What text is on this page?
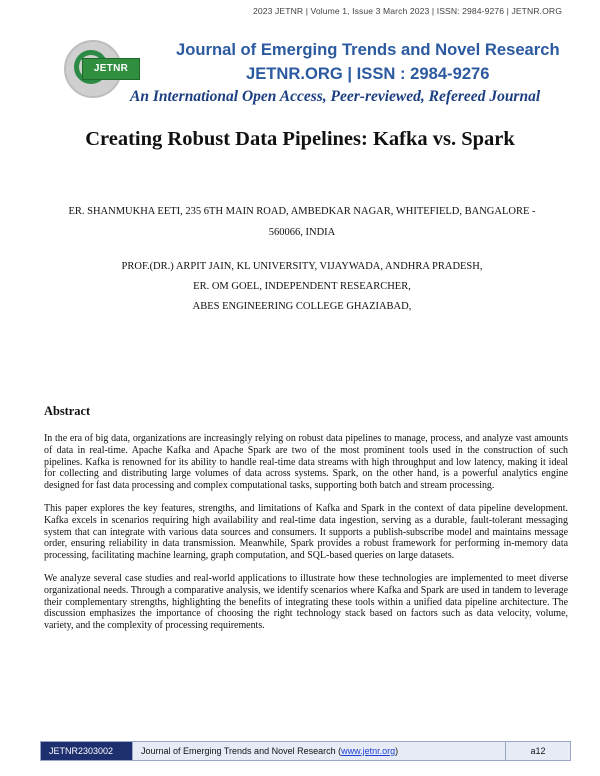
2023 JETNR | Volume 1, Issue 3 March 2023 | ISSN: 2984-9276 | JETNR.ORG
JETNR
Journal of Emerging Trends and Novel Research
JETNR.ORG | ISSN : 2984-9276
An International Open Access, Peer-reviewed, Refereed Journal
Creating Robust Data Pipelines: Kafka vs. Spark

ER. SHANMUKHA EETI, 235 6TH MAIN ROAD, AMBEDKAR NAGAR, WHITEFIELD, BANGALORE -

560066, INDIA

PROF.(DR.) ARPIT JAIN, KL UNIVERSITY, VIJAYWADA, ANDHRA PRADESH,

ER. OM GOEL, INDEPENDENT RESEARCHER,

ABES ENGINEERING COLLEGE GHAZIABAD,

Abstract

In the era of big data, organizations are increasingly relying on robust data pipelines to manage, process, and analyze vast amounts of data in real-time. Apache Kafka and Apache Spark are two of the most prominent tools used in the construction of such pipelines. Kafka is renowned for its ability to handle real-time data streams with high throughput and low latency, making it ideal for collecting and distributing large volumes of data across systems. Spark, on the other hand, is a powerful analytics engine designed for fast data processing and complex computational tasks, supporting both batch and stream processing.

This paper explores the key features, strengths, and limitations of Kafka and Spark in the context of data pipeline development. Kafka excels in scenarios requiring high availability and real-time data ingestion, serving as a durable, fault-tolerant messaging system that can integrate with various data sources and consumers. It supports a publish-subscribe model and maintains message order, ensuring reliability in data transmission. Meanwhile, Spark provides a robust framework for performing in-memory data processing, facilitating machine learning, graph computation, and SQL-based queries on large datasets.

We analyze several case studies and real-world applications to illustrate how these technologies are implemented to meet diverse organizational needs. Through a comparative analysis, we identify scenarios where Kafka and Spark are used in tandem to leverage their complementary strengths, highlighting the benefits of integrating these tools within a unified data pipeline architecture. The discussion emphasizes the importance of choosing the right technology stack based on factors such as data velocity, volume, variety, and the complexity of processing requirements.

JETNR2303002	Journal of Emerging Trends and Novel Research ( www.jetnr.org )	a12
